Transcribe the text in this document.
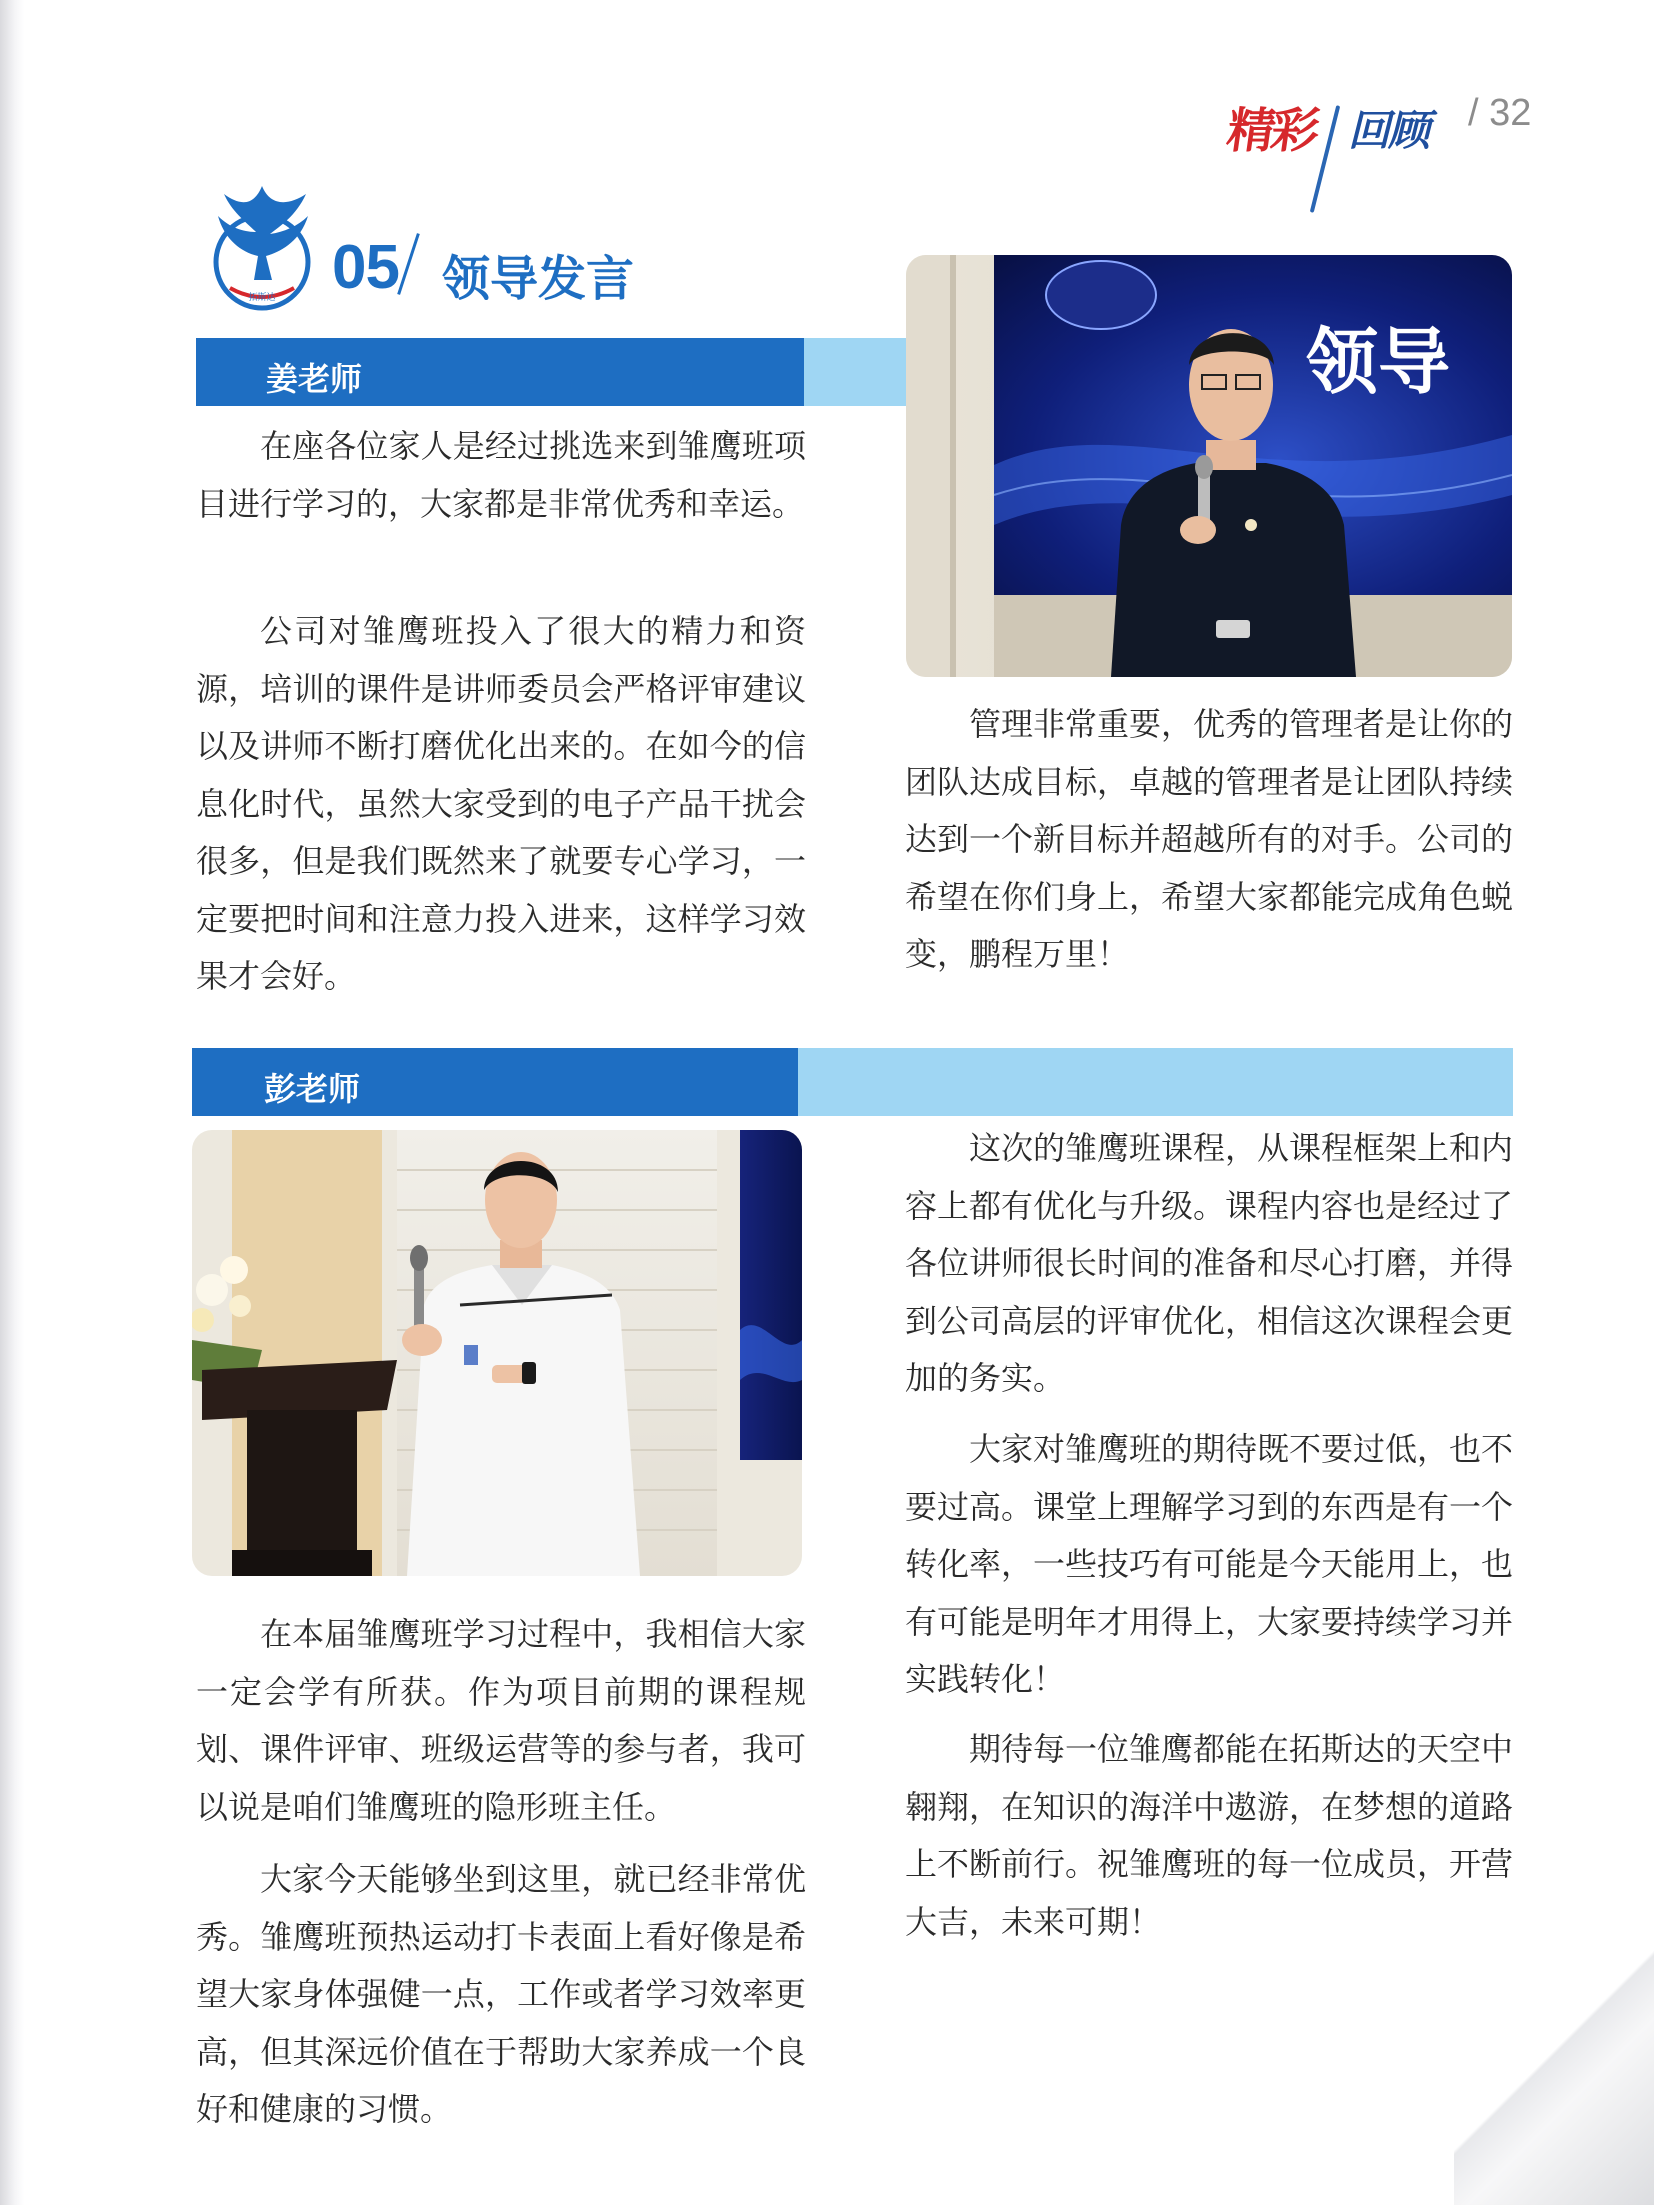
精彩 回顾 / 32
拓斯达 05 领导发言
姜老师

在座各位家人是经过挑选来到雏鹰班项目进行学习的，大家都是非常优秀和幸运。

公司对雏鹰班投入了很大的精力和资源，培训的课件是讲师委员会严格评审建议以及讲师不断打磨优化出来的。在如今的信息化时代，虽然大家受到的电子产品干扰会很多，但是我们既然来了就要专心学习，一定要把时间和注意力投入进来，这样学习效果才会好。

领导

管理非常重要，优秀的管理者是让你的团队达成目标，卓越的管理者是让团队持续达到一个新目标并超越所有的对手。公司的希望在你们身上，希望大家都能完成角色蜕变，鹏程万里！

彭老师

在本届雏鹰班学习过程中，我相信大家一定会学有所获。作为项目前期的课程规划、课件评审、班级运营等的参与者，我可以说是咱们雏鹰班的隐形班主任。

大家今天能够坐到这里，就已经非常优秀。雏鹰班预热运动打卡表面上看好像是希望大家身体强健一点，工作或者学习效率更高，但其深远价值在于帮助大家养成一个良好和健康的习惯。

这次的雏鹰班课程，从课程框架上和内容上都有优化与升级。课程内容也是经过了各位讲师很长时间的准备和尽心打磨，并得到公司高层的评审优化，相信这次课程会更加的务实。

大家对雏鹰班的期待既不要过低，也不要过高。课堂上理解学习到的东西是有一个转化率，一些技巧有可能是今天能用上，也有可能是明年才用得上，大家要持续学习并实践转化！

期待每一位雏鹰都能在拓斯达的天空中翱翔，在知识的海洋中遨游，在梦想的道路上不断前行。祝雏鹰班的每一位成员，开营大吉，未来可期！
